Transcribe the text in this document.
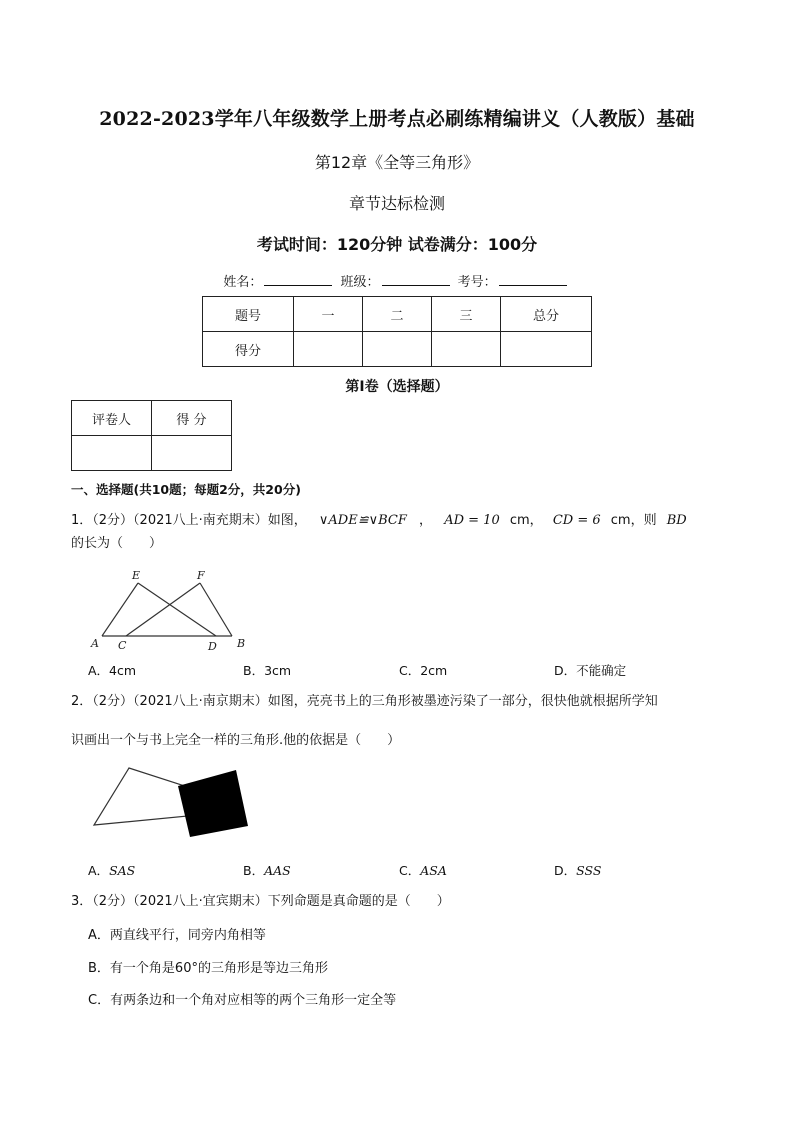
2022-2023学年八年级数学上册考点必刷练精编讲义（人教版）基础
第12章《全等三角形》
章节达标检测
考试时间：120分钟 试卷满分：100分
姓名：	班级：	考号：
题号	一	二	三	总分
得分				
第Ⅰ卷（选择题）
评卷人	得 分

一、选择题(共10题；每题2分，共20分)
1．（2分）（2021八上·南充期末）如图， ∨ADE≌∨BCF ， AD = 10 cm， CD = 6 cm，则 BD
的长为（　　）
E	F
A C	D B
A．4cm	B．3cm	C．2cm	D．不能确定
2．（2分）（2021八上·南京期末）如图，亮亮书上的三角形被墨迹污染了一部分，很快他就根据所学知
识画出一个与书上完全一样的三角形.他的依据是（　　）
A．SAS	B．AAS	C．ASA	D．SSS
3．（2分）（2021八上·宜宾期末）下列命题是真命题的是（　　）
A．两直线平行，同旁内角相等
B．有一个角是60°的三角形是等边三角形
C．有两条边和一个角对应相等的两个三角形一定全等
